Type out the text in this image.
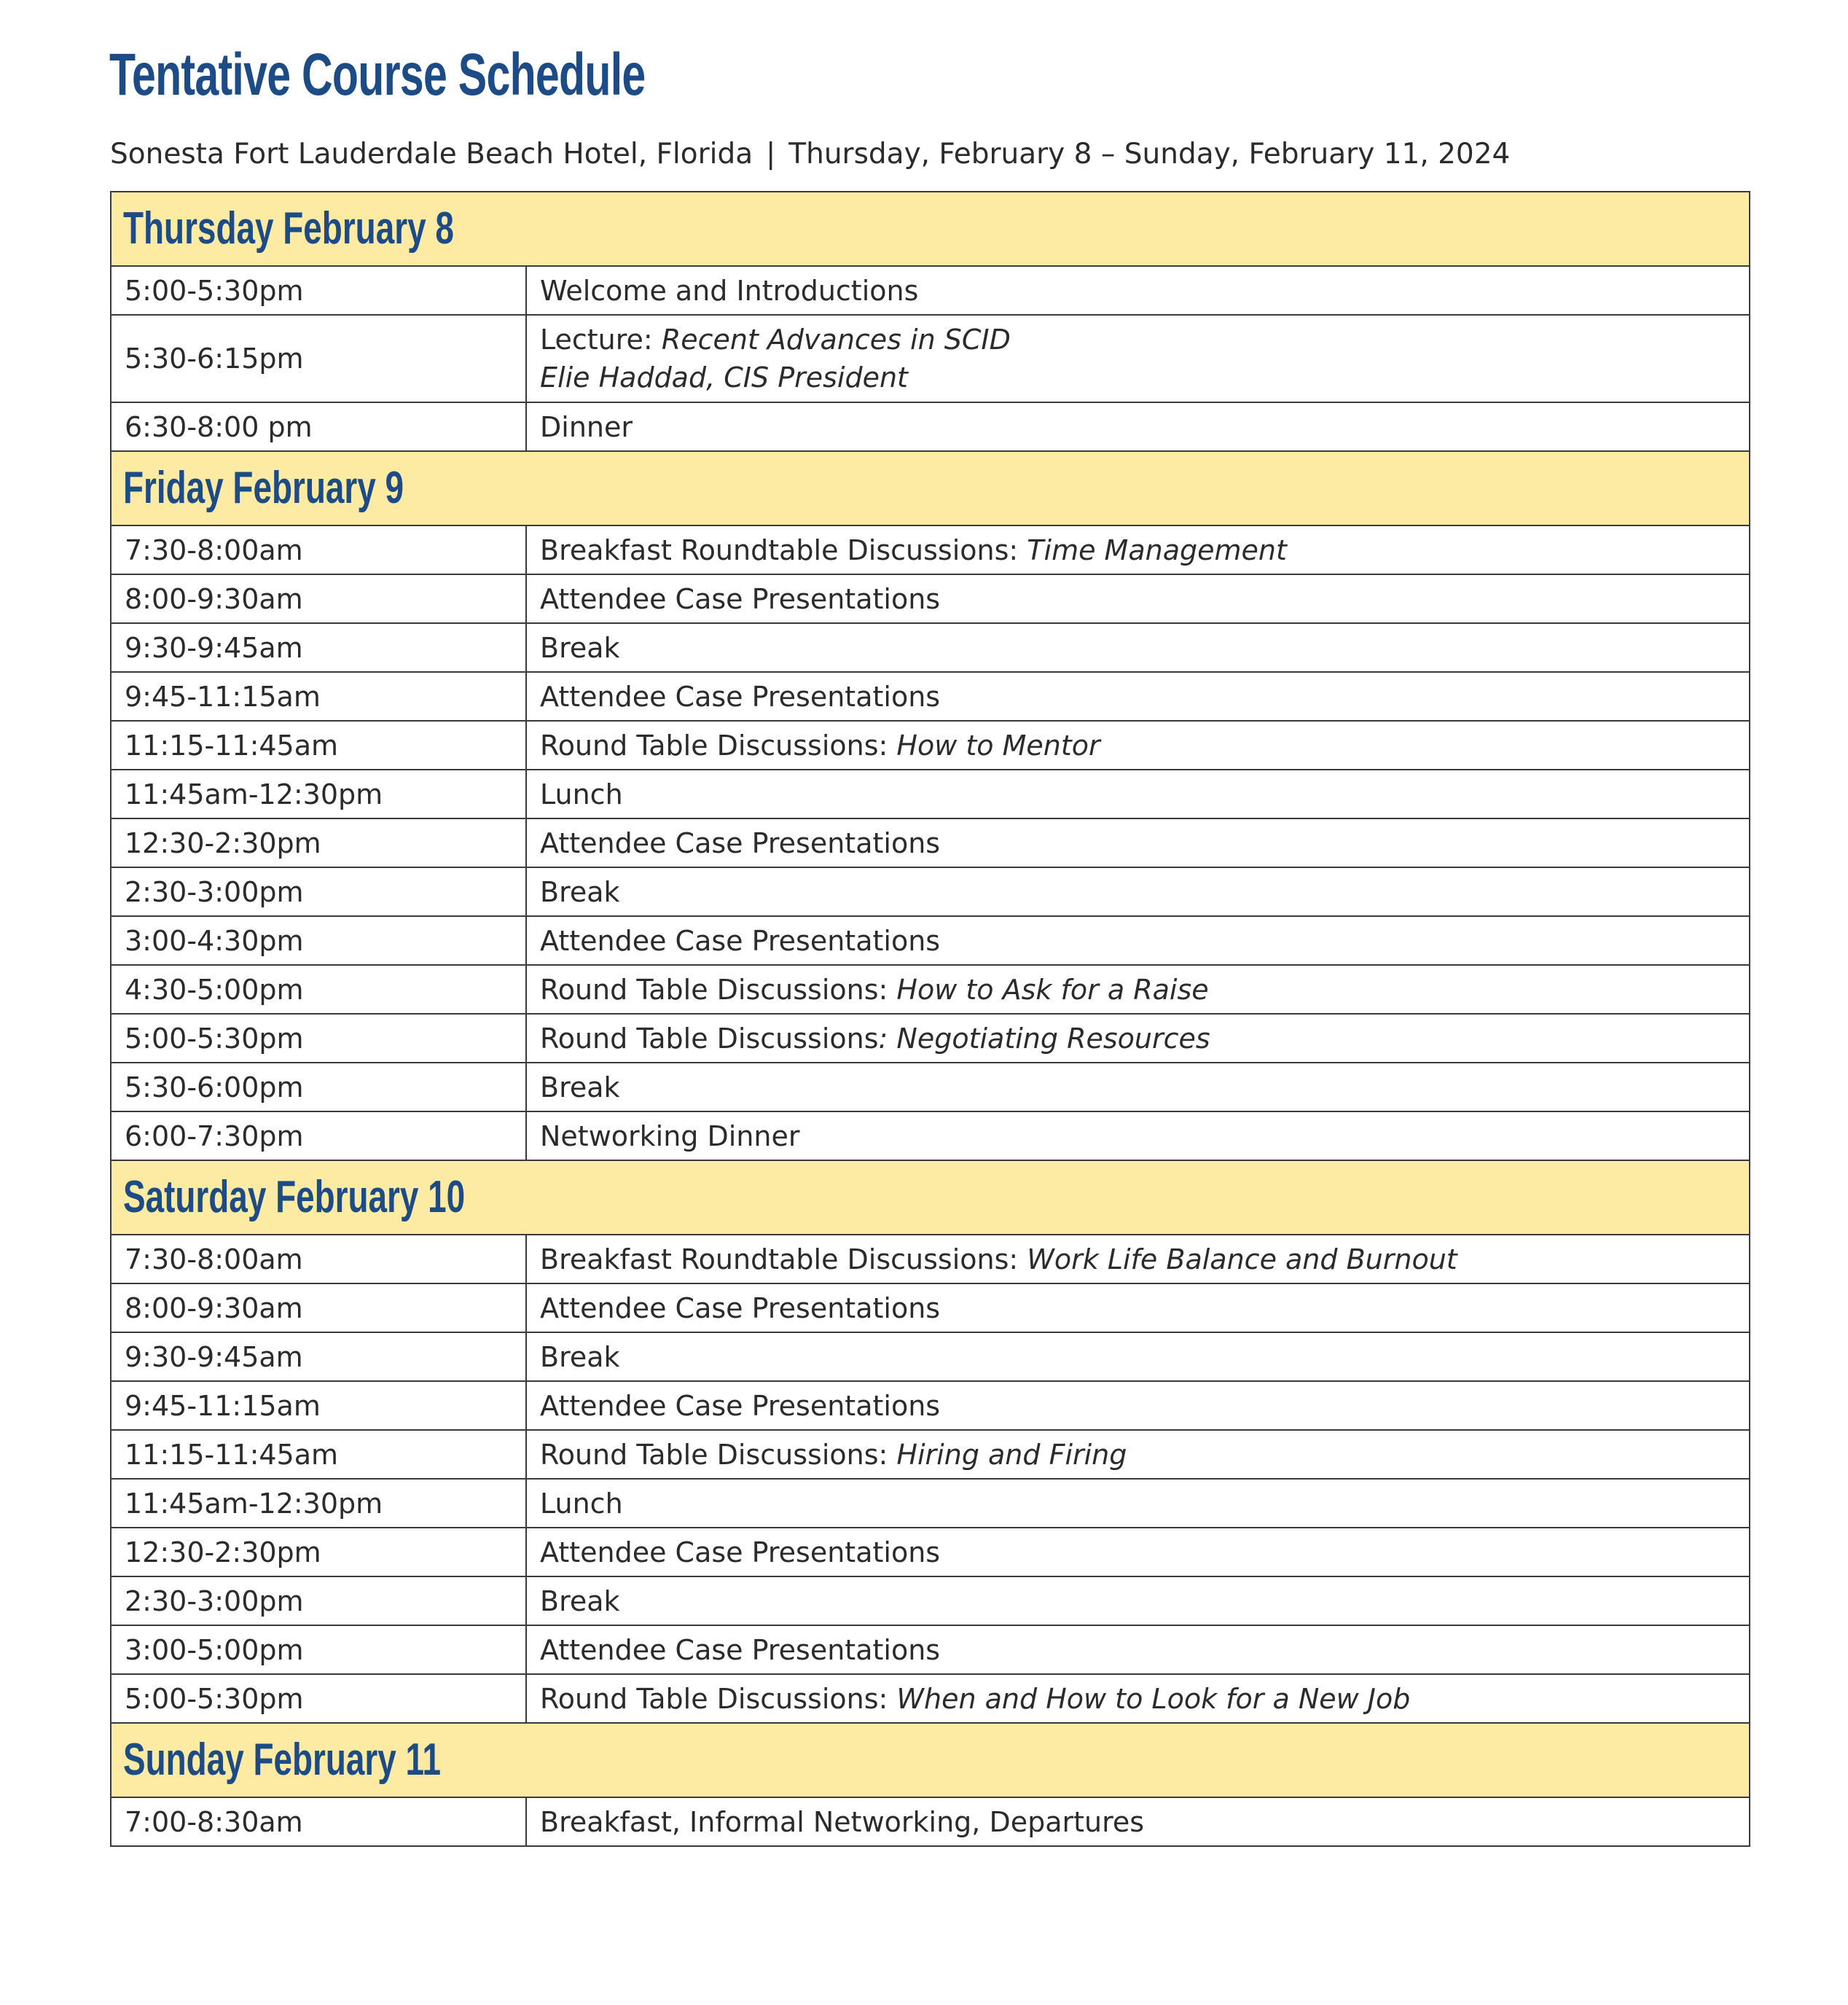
Tentative Course Schedule

Sonesta Fort Lauderdale Beach Hotel, Florida | Thursday, February 8 – Sunday, February 11, 2024

Thursday February 8	
5:00-5:30pm	Welcome and Introductions
5:30-6:15pm	Lecture: Recent Advances in SCID
Elie Haddad, CIS President
6:30-8:00 pm	Dinner
Friday February 9	
7:30-8:00am	Breakfast Roundtable Discussions: Time Management
8:00-9:30am	Attendee Case Presentations
9:30-9:45am	Break
9:45-11:15am	Attendee Case Presentations
11:15-11:45am	Round Table Discussions: How to Mentor
11:45am-12:30pm	Lunch
12:30-2:30pm	Attendee Case Presentations
2:30-3:00pm	Break
3:00-4:30pm	Attendee Case Presentations
4:30-5:00pm	Round Table Discussions: How to Ask for a Raise
5:00-5:30pm	Round Table Discussions: Negotiating Resources
5:30-6:00pm	Break
6:00-7:30pm	Networking Dinner
Saturday February 10	
7:30-8:00am	Breakfast Roundtable Discussions: Work Life Balance and Burnout
8:00-9:30am	Attendee Case Presentations
9:30-9:45am	Break
9:45-11:15am	Attendee Case Presentations
11:15-11:45am	Round Table Discussions: Hiring and Firing
11:45am-12:30pm	Lunch
12:30-2:30pm	Attendee Case Presentations
2:30-3:00pm	Break
3:00-5:00pm	Attendee Case Presentations
5:00-5:30pm	Round Table Discussions: When and How to Look for a New Job
Sunday February 11	
7:00-8:30am	Breakfast, Informal Networking, Departures
